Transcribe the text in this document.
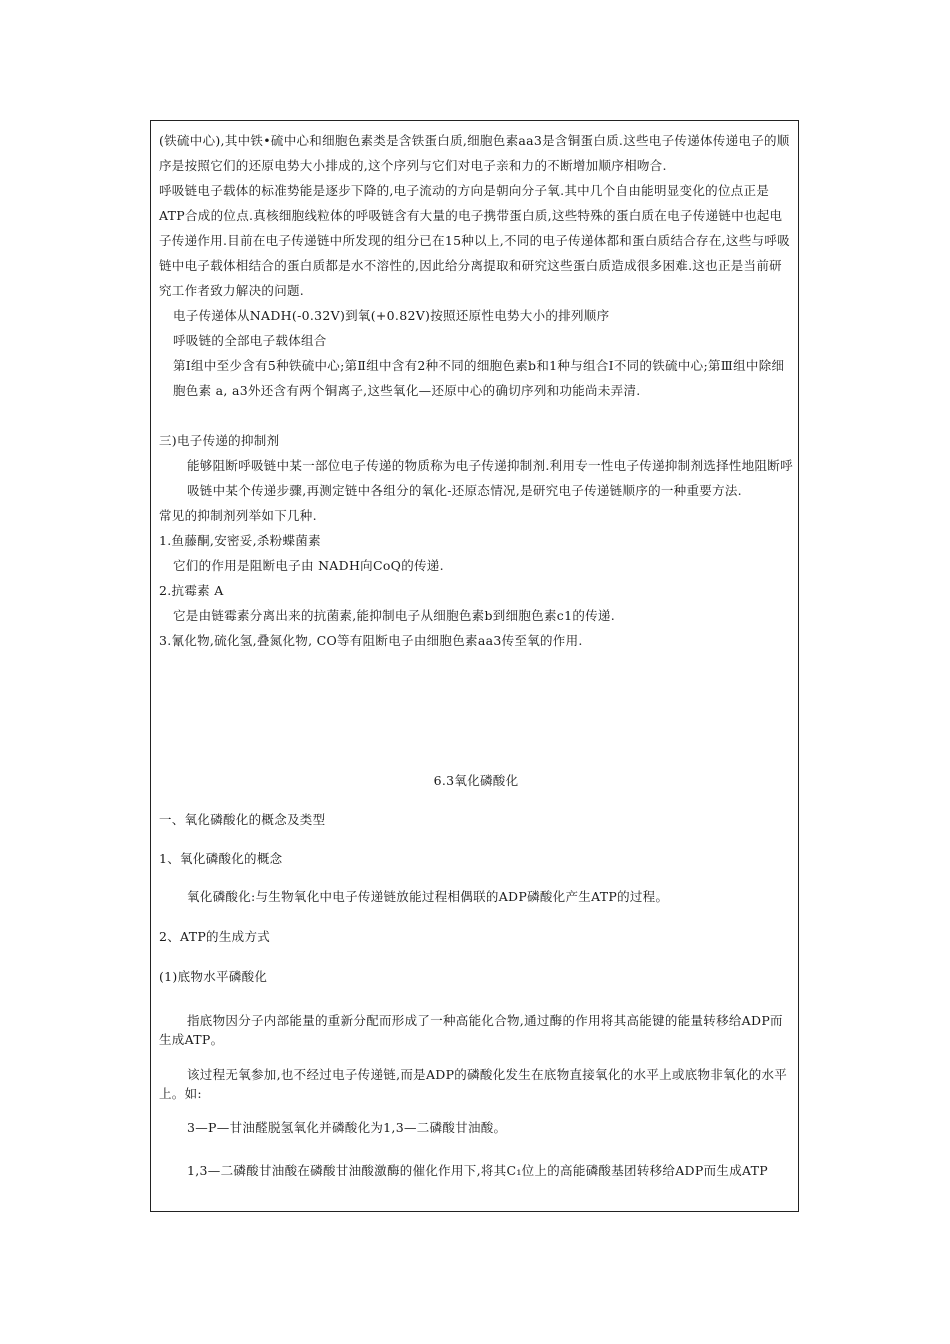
(铁硫中心),其中铁•硫中心和细胞色素类是含铁蛋白质,细胞色素aa3是含铜蛋白质.这些电子传递体传递电子的顺序是按照它们的还原电势大小排成的,这个序列与它们对电子亲和力的不断增加顺序相吻合.

呼吸链电子载体的标准势能是逐步下降的,电子流动的方向是朝向分子氧.其中几个自由能明显变化的位点正是ATP合成的位点.真核细胞线粒体的呼吸链含有大量的电子携带蛋白质,这些特殊的蛋白质在电子传递链中也起电子传递作用.目前在电子传递链中所发现的组分已在15种以上,不同的电子传递体都和蛋白质结合存在,这些与呼吸链中电子载体相结合的蛋白质都是水不溶性的,因此给分离提取和研究这些蛋白质造成很多困难.这也正是当前研究工作者致力解决的问题.

电子传递体从NADH(-0.32V)到氧(+0.82V)按照还原性电势大小的排列顺序

呼吸链的全部电子载体组合

第Ⅰ组中至少含有5种铁硫中心;第Ⅱ组中含有2种不同的细胞色素b和1种与组合Ⅰ不同的铁硫中心;第Ⅲ组中除细胞色素 a, a3外还含有两个铜离子,这些氧化—还原中心的确切序列和功能尚未弄清.

三)电子传递的抑制剂

能够阻断呼吸链中某一部位电子传递的物质称为电子传递抑制剂.利用专一性电子传递抑制剂选择性地阻断呼吸链中某个传递步骤,再测定链中各组分的氧化-还原态情况,是研究电子传递链顺序的一种重要方法.

常见的抑制剂列举如下几种.

1.鱼藤酮,安密妥,杀粉蝶菌素

它们的作用是阻断电子由 NADH向CoQ的传递.

2.抗霉素 A

它是由链霉素分离出来的抗菌素,能抑制电子从细胞色素b到细胞色素c1的传递.

3.氰化物,硫化氢,叠氮化物, CO等有阻断电子由细胞色素aa3传至氧的作用.

6.3氧化磷酸化

一、氧化磷酸化的概念及类型

1、氧化磷酸化的概念

氧化磷酸化:与生物氧化中电子传递链放能过程相偶联的ADP磷酸化产生ATP的过程。

2、ATP的生成方式

(1)底物水平磷酸化

指底物因分子内部能量的重新分配而形成了一种高能化合物,通过酶的作用将其高能键的能量转移给ADP而生成ATP。

该过程无氧参加,也不经过电子传递链,而是ADP的磷酸化发生在底物直接氧化的水平上或底物非氧化的水平上。如:

3—P—甘油醛脱氢氧化并磷酸化为1,3—二磷酸甘油酸。

1,3—二磷酸甘油酸在磷酸甘油酸激酶的催化作用下,将其C₁位上的高能磷酸基团转移给ADP而生成ATP
